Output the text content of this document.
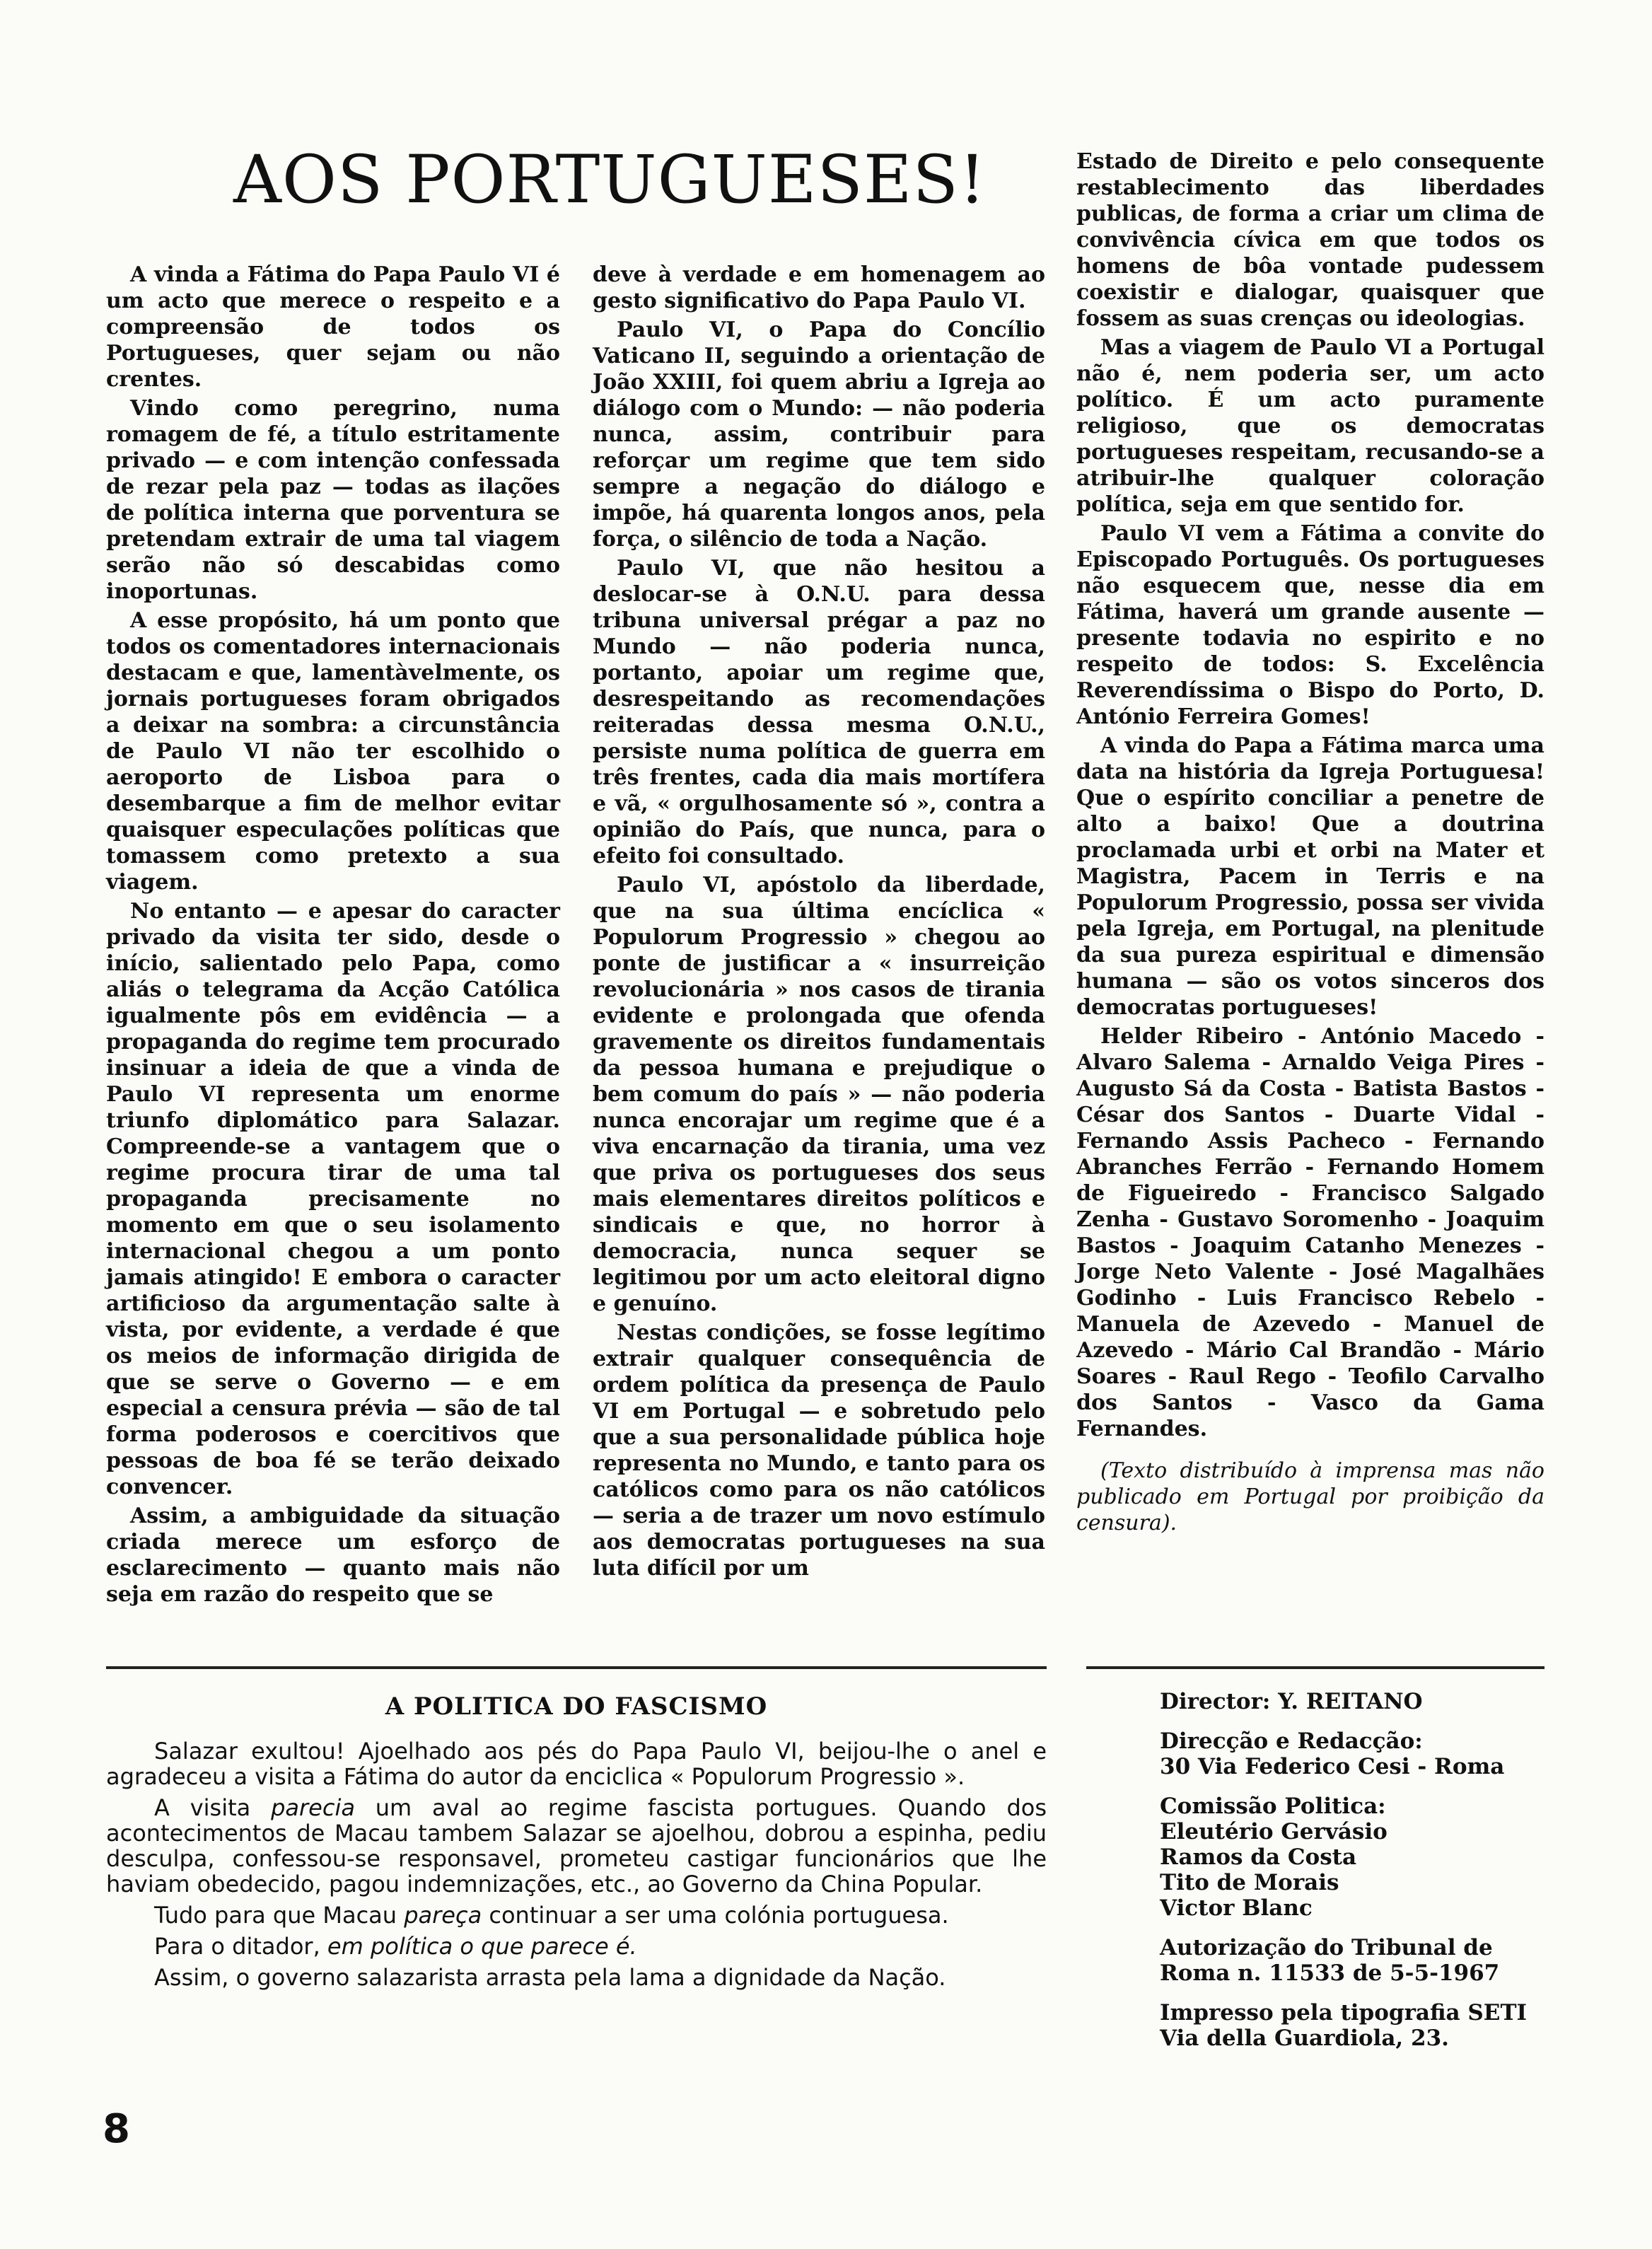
AOS PORTUGUESES!

A vinda a Fátima do Papa Paulo VI é um acto que merece o respeito e a compreensão de todos os Portugueses, quer sejam ou não crentes.

Vindo como peregrino, numa romagem de fé, a título estritamente privado — e com intenção confessada de rezar pela paz — todas as ilações de política interna que porventura se pretendam extrair de uma tal viagem serão não só descabidas como inoportunas.

A esse propósito, há um ponto que todos os comentadores internacionais destacam e que, lamentàvelmente, os jornais portugueses foram obrigados a deixar na sombra: a circunstância de Paulo VI não ter escolhido o aeroporto de Lisboa para o desembarque a fim de melhor evitar quaisquer especulações políticas que tomassem como pretexto a sua viagem.

No entanto — e apesar do caracter privado da visita ter sido, desde o início, salientado pelo Papa, como aliás o telegrama da Acção Católica igualmente pôs em evidência — a propaganda do regime tem procurado insinuar a ideia de que a vinda de Paulo VI representa um enorme triunfo diplomático para Salazar. Compreende-se a vantagem que o regime procura tirar de uma tal propaganda precisamente no momento em que o seu isolamento internacional chegou a um ponto jamais atingido! E embora o caracter artificioso da argumentação salte à vista, por evidente, a verdade é que os meios de informação dirigida de que se serve o Governo — e em especial a censura prévia — são de tal forma poderosos e coercitivos que pessoas de boa fé se terão deixado convencer.

Assim, a ambiguidade da situação criada merece um esforço de esclarecimento — quanto mais não seja em razão do respeito que se

deve à verdade e em homenagem ao gesto significativo do Papa Paulo VI.

Paulo VI, o Papa do Concílio Vaticano II, seguindo a orientação de João XXIII, foi quem abriu a Igreja ao diálogo com o Mundo: — não poderia nunca, assim, contribuir para reforçar um regime que tem sido sempre a negação do diálogo e impõe, há quarenta longos anos, pela força, o silêncio de toda a Nação.

Paulo VI, que não hesitou a deslocar-se à O.N.U. para dessa tribuna universal prégar a paz no Mundo — não poderia nunca, portanto, apoiar um regime que, desrespeitando as recomendações reiteradas dessa mesma O.N.U., persiste numa política de guerra em três frentes, cada dia mais mortífera e vã, « orgulhosamente só », contra a opinião do País, que nunca, para o efeito foi consultado.

Paulo VI, apóstolo da liberdade, que na sua última encíclica « Populorum Progressio » chegou ao ponte de justificar a « insurreição revolucionária » nos casos de tirania evidente e prolongada que ofenda gravemente os direitos fundamentais da pessoa humana e prejudique o bem comum do país » — não poderia nunca encorajar um regime que é a viva encarnação da tirania, uma vez que priva os portugueses dos seus mais elementares direitos políticos e sindicais e que, no horror à democracia, nunca sequer se legitimou por um acto eleitoral digno e genuíno.

Nestas condições, se fosse legítimo extrair qualquer consequência de ordem política da presença de Paulo VI em Portugal — e sobretudo pelo que a sua personalidade pública hoje representa no Mundo, e tanto para os católicos como para os não católicos — seria a de trazer um novo estímulo aos democratas portugueses na sua luta difícil por um

Estado de Direito e pelo consequente restablecimento das liberdades publicas, de forma a criar um clima de convivência cívica em que todos os homens de bôa vontade pudessem coexistir e dialogar, quaisquer que fossem as suas crenças ou ideologias.

Mas a viagem de Paulo VI a Portugal não é, nem poderia ser, um acto político. É um acto puramente religioso, que os democratas portugueses respeitam, recusando-se a atribuir-lhe qualquer coloração política, seja em que sentido for.

Paulo VI vem a Fátima a convite do Episcopado Português. Os portugueses não esquecem que, nesse dia em Fátima, haverá um grande ausente — presente todavia no espirito e no respeito de todos: S. Excelência Reverendíssima o Bispo do Porto, D. António Ferreira Gomes!

A vinda do Papa a Fátima marca uma data na história da Igreja Portuguesa! Que o espírito conciliar a penetre de alto a baixo! Que a doutrina proclamada urbi et orbi na Mater et Magistra, Pacem in Terris e na Populorum Progressio, possa ser vivida pela Igreja, em Portugal, na plenitude da sua pureza espiritual e dimensão humana — são os votos sinceros dos democratas portugueses!

Helder Ribeiro - António Macedo - Alvaro Salema - Arnaldo Veiga Pires - Augusto Sá da Costa - Batista Bastos - César dos Santos - Duarte Vidal - Fernando Assis Pacheco - Fernando Abranches Ferrão - Fernando Homem de Figueiredo - Francisco Salgado Zenha - Gustavo Soromenho - Joaquim Bastos - Joaquim Catanho Menezes - Jorge Neto Valente - José Magalhães Godinho - Luis Francisco Rebelo - Manuela de Azevedo - Manuel de Azevedo - Mário Cal Brandão - Mário Soares - Raul Rego - Teofilo Carvalho dos Santos - Vasco da Gama Fernandes.

(Texto distribuído à imprensa mas não publicado em Portugal por proibição da censura).

A POLITICA DO FASCISMO

Salazar exultou! Ajoelhado aos pés do Papa Paulo VI, beijou-lhe o anel e agradeceu a visita a Fátima do autor da enciclica « Populorum Progressio ».

A visita parecia um aval ao regime fascista portugues. Quando dos acontecimentos de Macau tambem Salazar se ajoelhou, dobrou a espinha, pediu desculpa, confessou-se responsavel, prometeu castigar funcionários que lhe haviam obedecido, pagou indemnizações, etc., ao Governo da China Popular.

Tudo para que Macau pareça continuar a ser uma colónia portuguesa.

Para o ditador, em política o que parece é.

Assim, o governo salazarista arrasta pela lama a dignidade da Nação.

Director: Y. REITANO
Direcção e Redacção:
30 Via Federico Cesi - Roma
Comissão Politica:
Eleutério Gervásio
Ramos da Costa
Tito de Morais
Victor Blanc
Autorização do Tribunal de
Roma n. 11533 de 5-5-1967
Impresso pela tipografia SETI
Via della Guardiola, 23.
8
